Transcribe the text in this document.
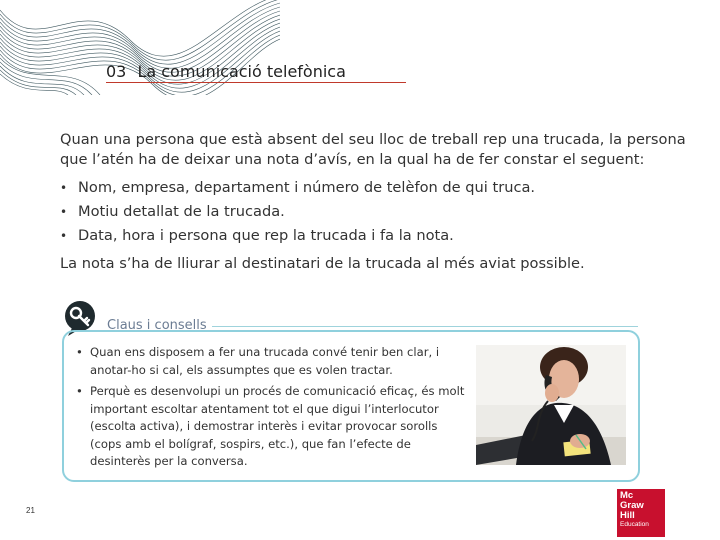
03 La comunicació telefònica

Quan una persona que està absent del seu lloc de treball rep una trucada, la persona que l’atén ha de deixar una nota d’avís, en la qual ha de fer constar el seguent:

• Nom, empresa, departament i número de telèfon de qui truca.
• Motiu detallat de la trucada.
• Data, hora i persona que rep la trucada i fa la nota.

La nota s’ha de lliurar al destinatari de la trucada al més aviat possible.

Claus i consells
• Quan ens disposem a fer una trucada convé tenir ben clar, i anotar-ho si cal, els assumptes que es volen tractar.
• Perquè es desenvolupi un procés de comunicació eficaç, és molt important escoltar atentament tot el que digui l’interlocutor (escolta activa), i demostrar interès i evitar provocar sorolls (cops amb el bolígraf, sospirs, etc.), que fan l’efecte de desinterès per la conversa.
21
Mc
Graw
Hill
Education
